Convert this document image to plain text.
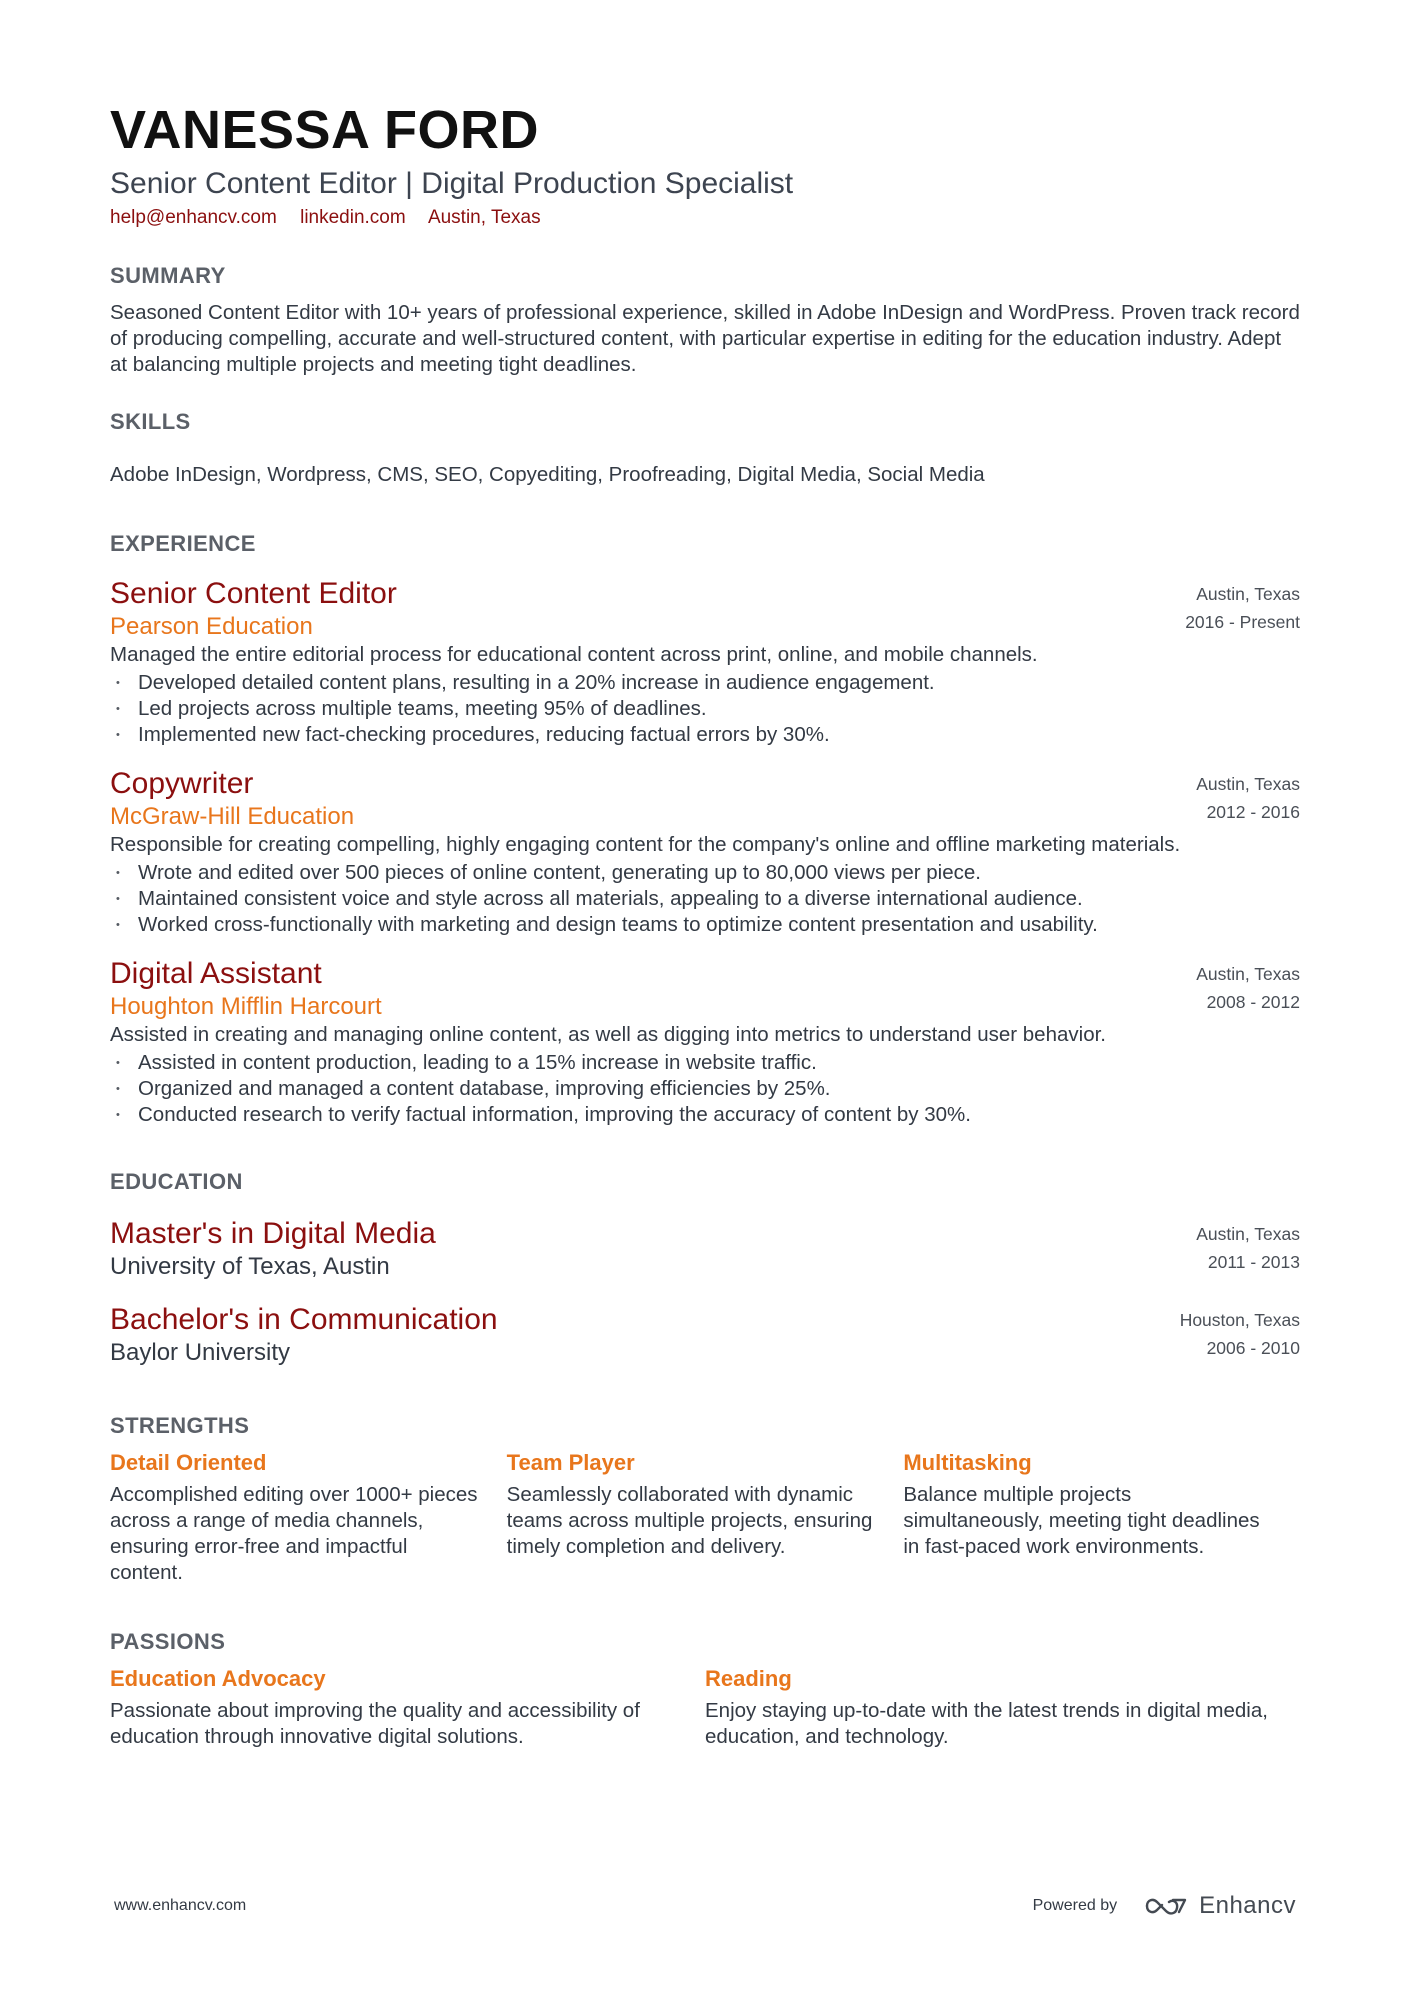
VANESSA FORD
Senior Content Editor | Digital Production Specialist
help@enhancv.com linkedin.com Austin, Texas
SUMMARY
Seasoned Content Editor with 10+ years of professional experience, skilled in Adobe InDesign and WordPress. Proven track record of producing compelling, accurate and well-structured content, with particular expertise in editing for the education industry. Adept at balancing multiple projects and meeting tight deadlines.
SKILLS
Adobe InDesign, Wordpress, CMS, SEO, Copyediting, Proofreading, Digital Media, Social Media
EXPERIENCE
Austin, Texas
2016 - Present
Senior Content Editor
Pearson Education
Managed the entire editorial process for educational content across print, online, and mobile channels.
• Developed detailed content plans, resulting in a 20% increase in audience engagement.
• Led projects across multiple teams, meeting 95% of deadlines.
• Implemented new fact-checking procedures, reducing factual errors by 30%.
Austin, Texas
2012 - 2016
Copywriter
McGraw-Hill Education
Responsible for creating compelling, highly engaging content for the company's online and offline marketing materials.
• Wrote and edited over 500 pieces of online content, generating up to 80,000 views per piece.
• Maintained consistent voice and style across all materials, appealing to a diverse international audience.
• Worked cross-functionally with marketing and design teams to optimize content presentation and usability.
Austin, Texas
2008 - 2012
Digital Assistant
Houghton Mifflin Harcourt
Assisted in creating and managing online content, as well as digging into metrics to understand user behavior.
• Assisted in content production, leading to a 15% increase in website traffic.
• Organized and managed a content database, improving efficiencies by 25%.
• Conducted research to verify factual information, improving the accuracy of content by 30%.
EDUCATION
Austin, Texas
2011 - 2013
Master's in Digital Media
University of Texas, Austin
Houston, Texas
2006 - 2010
Bachelor's in Communication
Baylor University
STRENGTHS
Detail Oriented
Accomplished editing over 1000+ pieces across a range of media channels, ensuring error-free and impactful content.
Team Player
Seamlessly collaborated with dynamic teams across multiple projects, ensuring timely completion and delivery.
Multitasking
Balance multiple projects simultaneously, meeting tight deadlines in fast-paced work environments.
PASSIONS
Education Advocacy
Passionate about improving the quality and accessibility of education through innovative digital solutions.
Reading
Enjoy staying up-to-date with the latest trends in digital media, education, and technology.
www.enhancv.com	Powered by	Enhancv
